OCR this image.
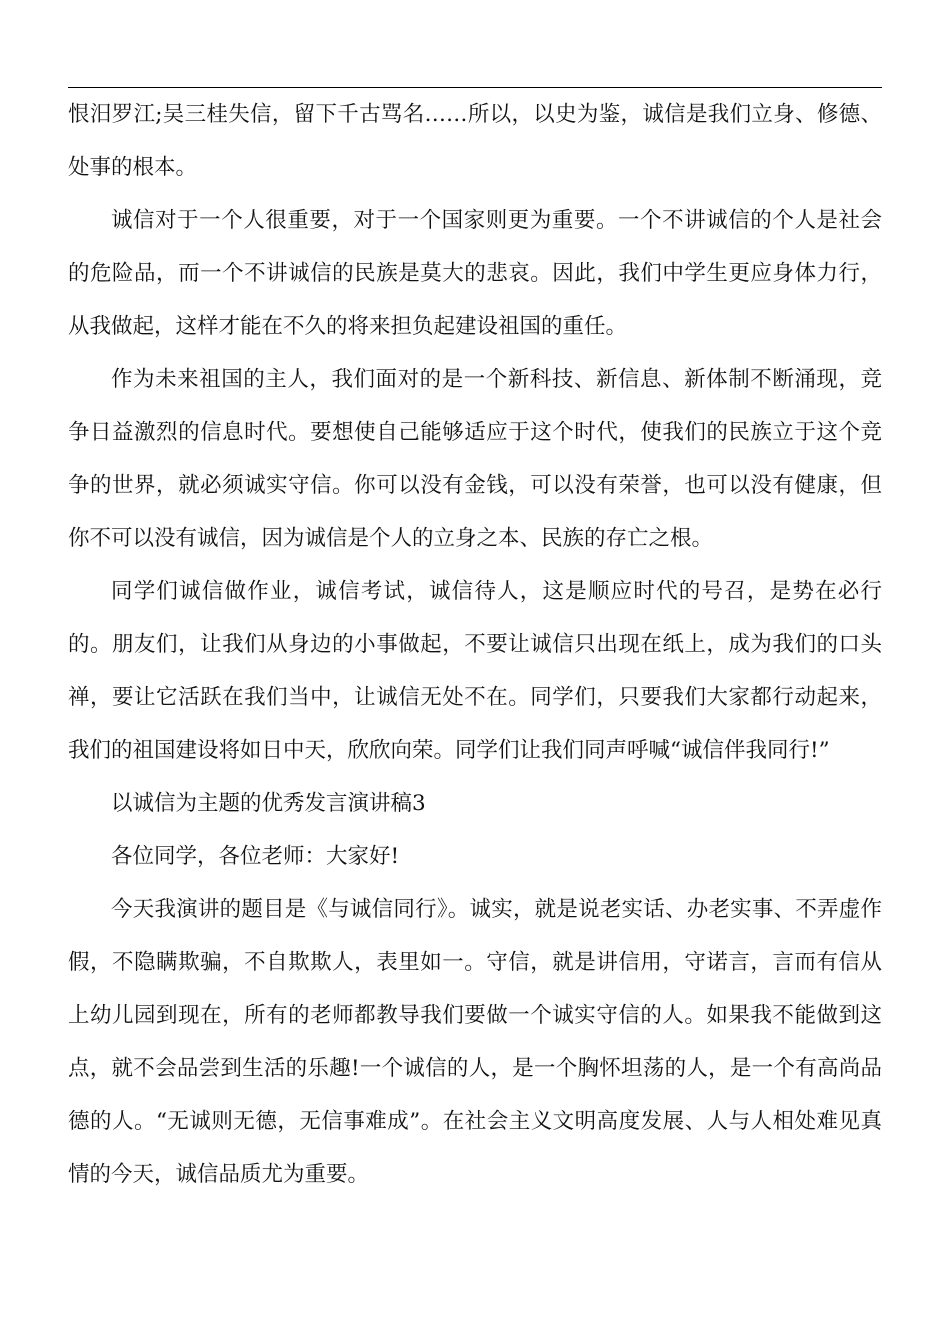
恨汨罗江;吴三桂失信，留下千古骂名……所以，以史为鉴，诚信是我们立身、修德、处事的根本。

诚信对于一个人很重要，对于一个国家则更为重要。一个不讲诚信的个人是社会的危险品，而一个不讲诚信的民族是莫大的悲哀。因此，我们中学生更应身体力行，从我做起，这样才能在不久的将来担负起建设祖国的重任。

作为未来祖国的主人，我们面对的是一个新科技、新信息、新体制不断涌现，竞争日益激烈的信息时代。要想使自己能够适应于这个时代，使我们的民族立于这个竞争的世界，就必须诚实守信。你可以没有金钱，可以没有荣誉，也可以没有健康，但你不可以没有诚信，因为诚信是个人的立身之本、民族的存亡之根。

同学们诚信做作业，诚信考试，诚信待人，这是顺应时代的号召，是势在必行的。朋友们，让我们从身边的小事做起，不要让诚信只出现在纸上，成为我们的口头禅，要让它活跃在我们当中，让诚信无处不在。同学们，只要我们大家都行动起来，我们的祖国建设将如日中天，欣欣向荣。同学们让我们同声呼喊“诚信伴我同行!”

以诚信为主题的优秀发言演讲稿3

各位同学，各位老师：大家好!

今天我演讲的题目是《与诚信同行》。诚实，就是说老实话、办老实事、不弄虚作假，不隐瞒欺骗，不自欺欺人，表里如一。守信，就是讲信用，守诺言，言而有信从上幼儿园到现在，所有的老师都教导我们要做一个诚实守信的人。如果我不能做到这点，就不会品尝到生活的乐趣!一个诚信的人，是一个胸怀坦荡的人，是一个有高尚品德的人。“无诚则无德，无信事难成”。在社会主义文明高度发展、人与人相处难见真情的今天，诚信品质尤为重要。
